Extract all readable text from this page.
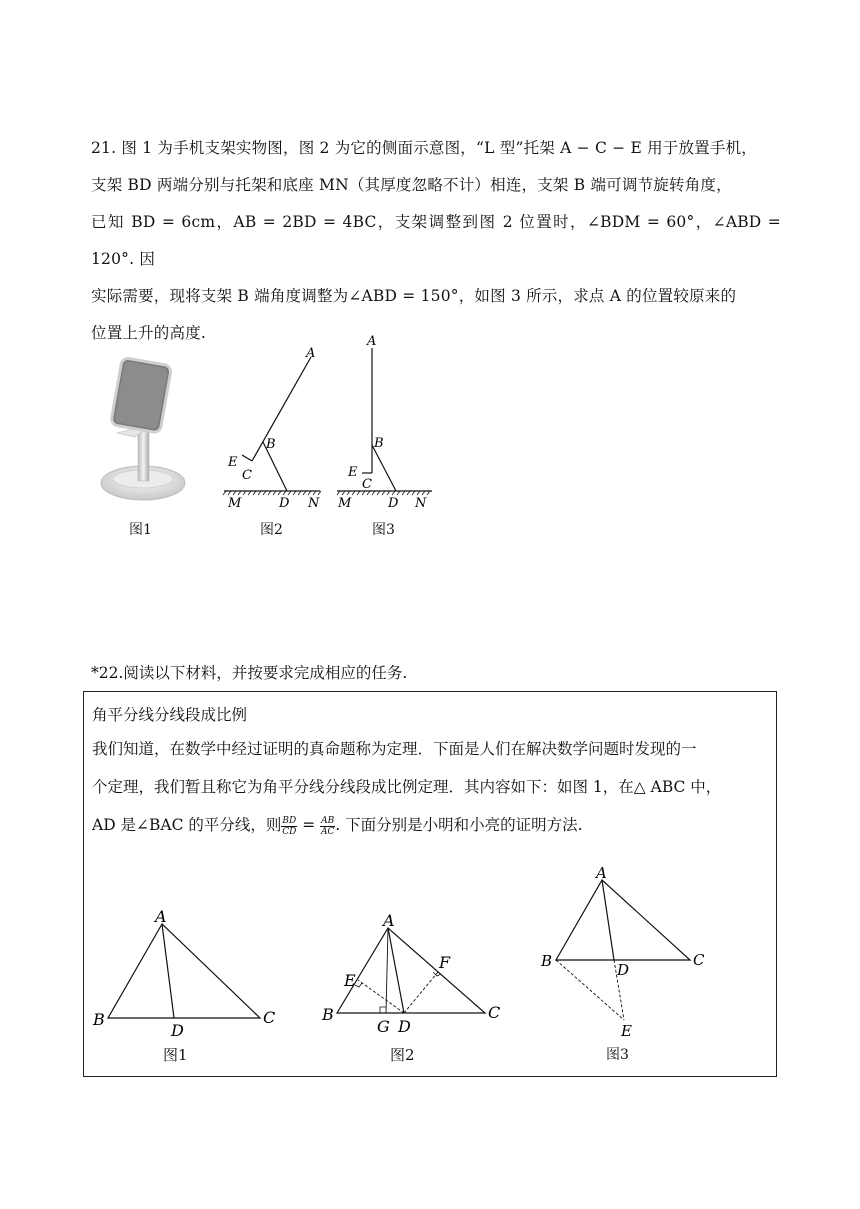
21. 图 1 为手机支架实物图，图 2 为它的侧面示意图，“L 型”托架 A − C − E 用于放置手机，

支架 BD 两端分别与托架和底座 MN（其厚度忽略不计）相连，支架 B 端可调节旋转角度，

已知 BD = 6cm，AB = 2BD = 4BC，支架调整到图 2 位置时，∠BDM = 60°，∠ABD = 120°. 因

实际需要，现将支架 B 端角度调整为∠ABD = 150°，如图 3 所示，求点 A 的位置较原来的

位置上升的高度.

A
B
E
C
M	D N
A
B
E
C
M	D N
图1	图2	图3
*22.阅读以下材料，并按要求完成相应的任务.

角平分线分线段成比例

我们知道，在数学中经过证明的真命题称为定理．下面是人们在解决数学问题时发现的一

个定理，我们暂且称它为角平分线分线段成比例定理．其内容如下：如图 1，在△ ABC 中，

AD 是∠BAC 的平分线，则 $\frac{BD}{CD} = \frac{AB}{AC}$ . 下面分别是小明和小亮的证明方法.

A
B	C
D
图1
A
E
F
B
G D
C
图2
A
B	C
D
E
图3
